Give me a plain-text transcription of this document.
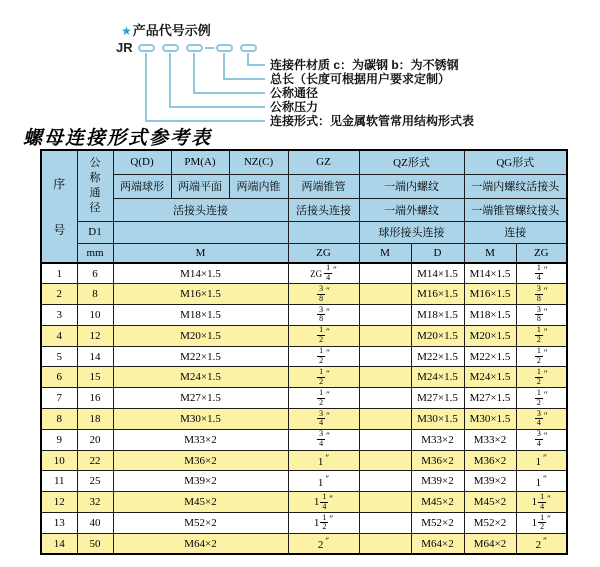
★产品代号示例
JR
连接件材质 c：为碳钢 b：为不锈钢
总长（长度可根据用户要求定制）
公称通径
公称压力
连接形式：见金属软管常用结构形式表
螺母连接形式参考表
序号	公称通径	Q(D)	PM(A)	NZ(C)	GZ	QZ形式		QG形式	
		两端球形	两端平面	两端内锥	两端锥管	一端内螺纹		一端内螺纹活接头	
		活接头连接			活接头连接	一端外螺纹		一端锥管螺纹接头	
	D1					球形接头连接		连接	
	mm	M			ZG	M	D	M	ZG
1	6	M14×1.5			ZG $\frac{1}{4} ''$		M14×1.5	M14×1.5	$\frac{1}{4} ''$
2	8	M16×1.5			$\frac{3}{8} ''$		M16×1.5	M16×1.5	$\frac{3}{8} ''$
3	10	M18×1.5			$\frac{3}{8} ''$		M18×1.5	M18×1.5	$\frac{3}{8} ''$
4	12	M20×1.5			$\frac{1}{2} ''$		M20×1.5	M20×1.5	$\frac{1}{2} ''$
5	14	M22×1.5			$\frac{1}{2} ''$		M22×1.5	M22×1.5	$\frac{1}{2} ''$
6	15	M24×1.5			$\frac{1}{2} ''$		M24×1.5	M24×1.5	$\frac{1}{2} ''$
7	16	M27×1.5			$\frac{1}{2} ''$		M27×1.5	M27×1.5	$\frac{1}{2} ''$
8	18	M30×1.5			$\frac{3}{4} ''$		M30×1.5	M30×1.5	$\frac{3}{4} ''$
9	20	M33×2			$\frac{3}{4} ''$		M33×2	M33×2	$\frac{3}{4} ''$
10	22	M36×2			1 ″		M36×2	M36×2	1 ″
11	25	M39×2			1 ″		M39×2	M39×2	1 ″
12	32	M45×2			$1 \frac{1}{4} ''$		M45×2	M45×2	$1 \frac{1}{4} ''$
13	40	M52×2			$1 \frac{1}{2} ''$		M52×2	M52×2	$1 \frac{1}{2} ''$
14	50	M64×2			2 ″		M64×2	M64×2	2 ″
